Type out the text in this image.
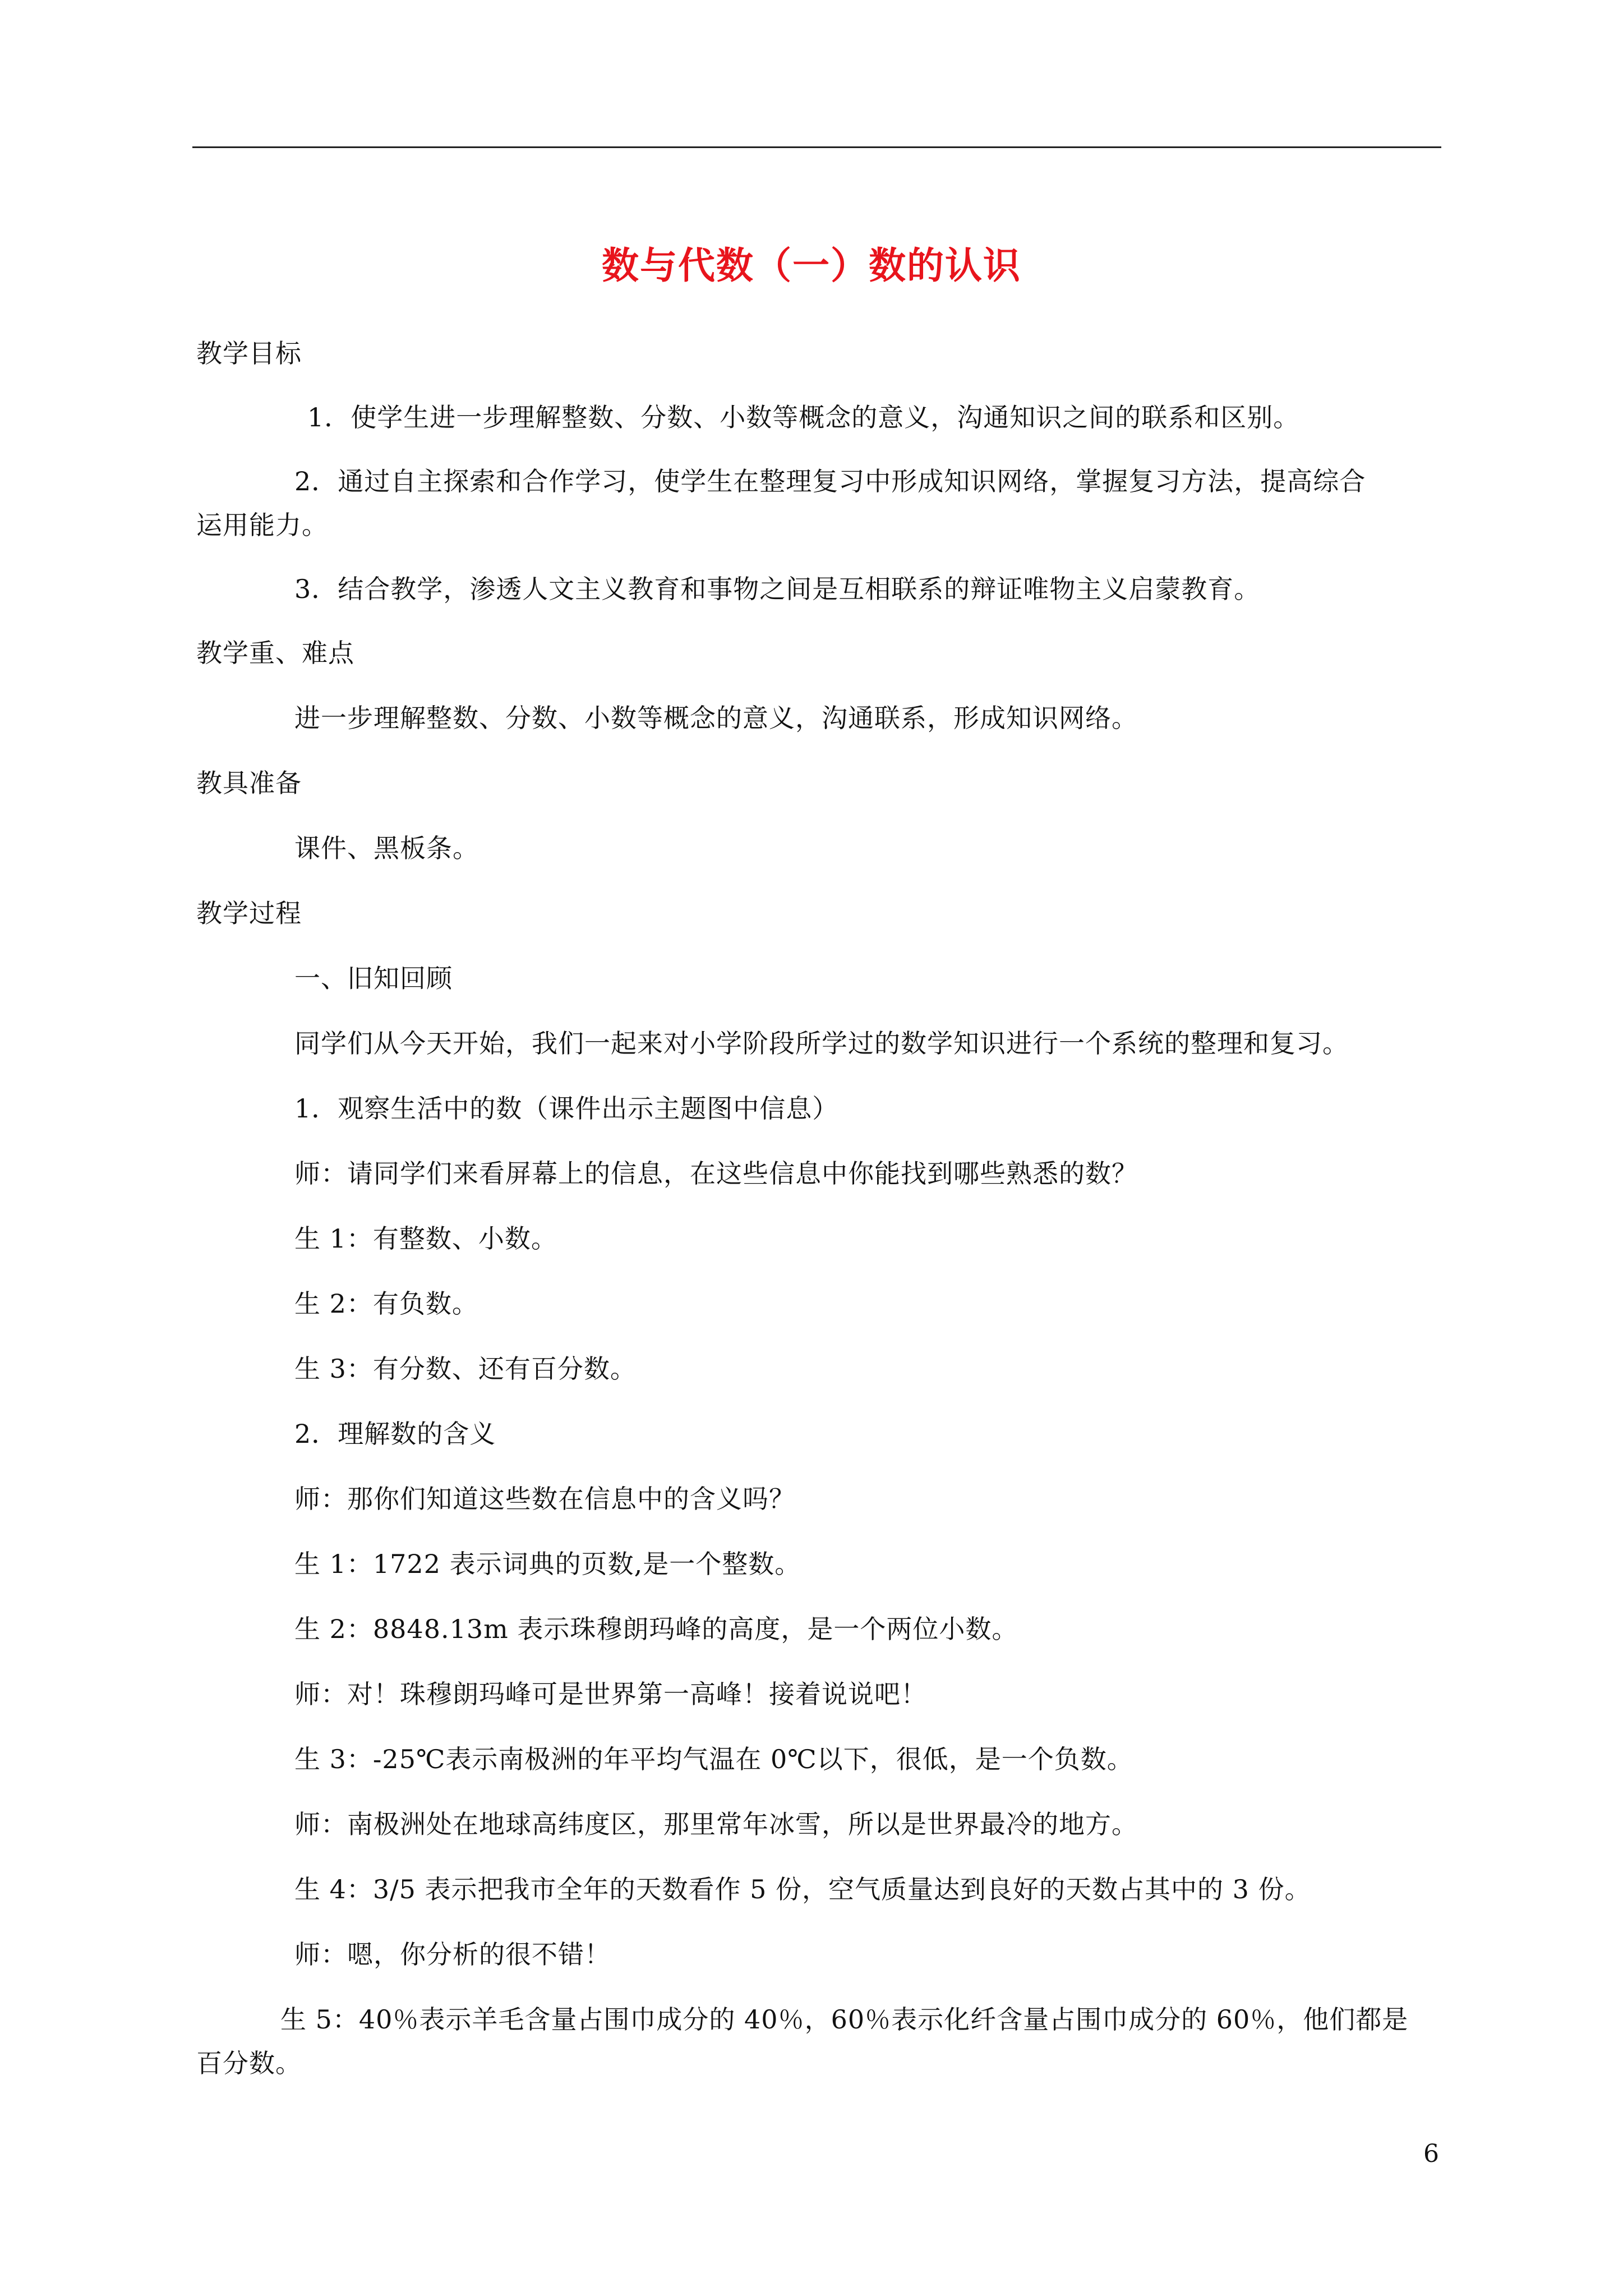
数与代数（一）数的认识
教学目标
1．使学生进一步理解整数、分数、小数等概念的意义，沟通知识之间的联系和区别。
2．通过自主探索和合作学习，使学生在整理复习中形成知识网络，掌握复习方法，提高综合
运用能力。
3．结合教学，渗透人文主义教育和事物之间是互相联系的辩证唯物主义启蒙教育。
教学重、难点
进一步理解整数、分数、小数等概念的意义，沟通联系，形成知识网络。
教具准备
课件、黑板条。
教学过程
一、旧知回顾
同学们从今天开始，我们一起来对小学阶段所学过的数学知识进行一个系统的整理和复习。
1．观察生活中的数（课件出示主题图中信息）
师：请同学们来看屏幕上的信息，在这些信息中你能找到哪些熟悉的数？
生 1：有整数、小数。
生 2：有负数。
生 3：有分数、还有百分数。
2．理解数的含义
师：那你们知道这些数在信息中的含义吗？
生 1：1722 表示词典的页数,是一个整数。
生 2：8848.13m 表示珠穆朗玛峰的高度，是一个两位小数。
师：对！珠穆朗玛峰可是世界第一高峰！接着说说吧！
生 3：-25℃表示南极洲的年平均气温在 0℃以下，很低，是一个负数。
师：南极洲处在地球高纬度区，那里常年冰雪，所以是世界最冷的地方。
生 4：3/5 表示把我市全年的天数看作 5 份，空气质量达到良好的天数占其中的 3 份。
师：嗯，你分析的很不错！
生 5：40％表示羊毛含量占围巾成分的 40％，60％表示化纤含量占围巾成分的 60％，他们都是
百分数。
6
